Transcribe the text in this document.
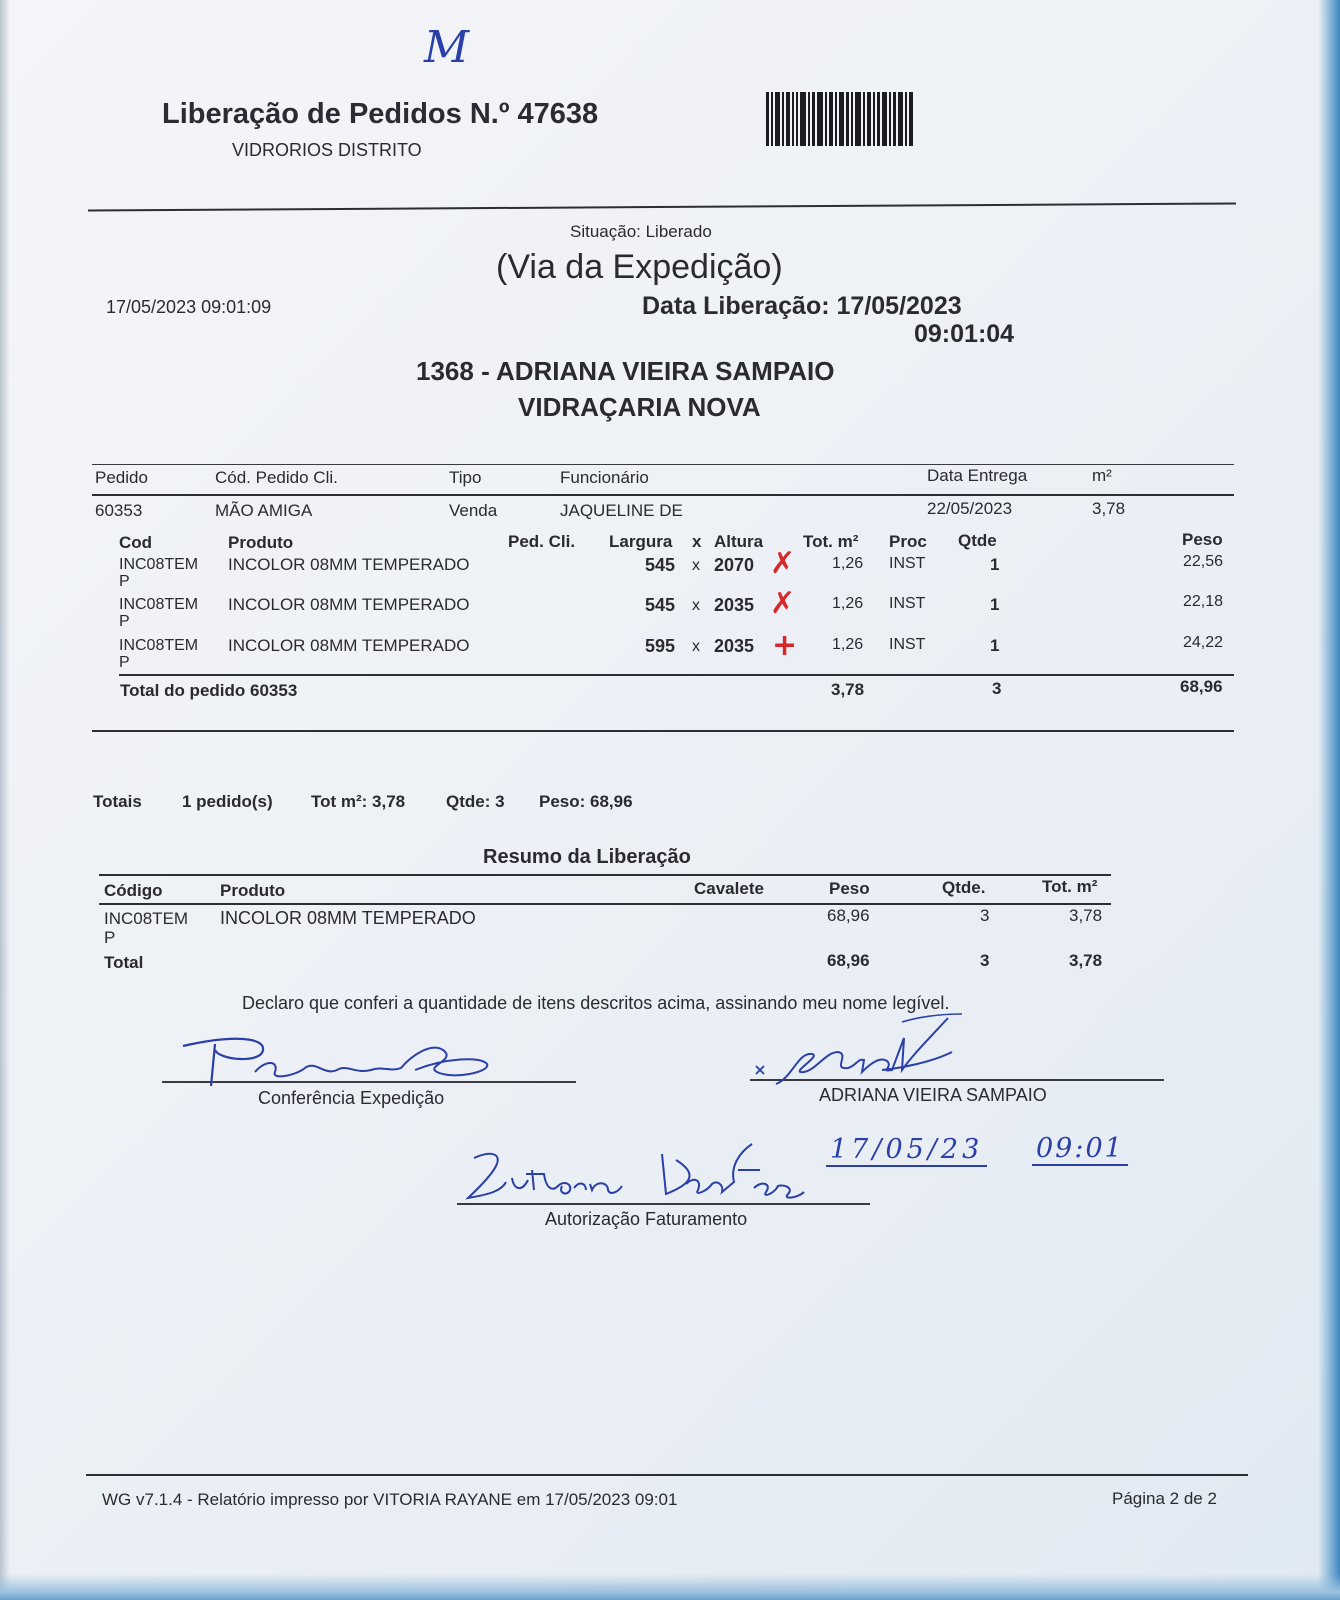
M
Liberação de Pedidos N.º 47638
VIDRORIOS DISTRITO
Situação: Liberado
(Via da Expedição)
17/05/2023 09:01:09	Data Liberação: 17/05/2023
09:01:04
1368 - ADRIANA VIEIRA SAMPAIO
VIDRAÇARIA NOVA
Pedido	Cód. Pedido Cli.	Tipo	Funcionário	Data Entrega	m²
60353	MÃO AMIGA	Venda	JAQUELINE DE	22/05/2023	3,78
Cod	Produto	Ped. Cli. Largura x Altura Tot. m² Proc Qtde	Peso
INC08TEM
P
INCOLOR 08MM TEMPERADO	545 x 2070 ✗ 1,26 INST	1	22,56
INC08TEM
P
INCOLOR 08MM TEMPERADO	545 x 2035 ✗ 1,26 INST	1	22,18
INC08TEM
P
INCOLOR 08MM TEMPERADO	595 x 2035 + 1,26 INST	1	24,22
Total do pedido 60353	3,78	3	68,96
Totais 1 pedido(s) Tot m²: 3,78 Qtde: 3 Peso: 68,96
Resumo da Liberação
Código	Produto	Cavalete	Peso	Qtde.	Tot. m²
INC08TEM
P
INCOLOR 08MM TEMPERADO	68,96	3	3,78
Total	68,96	3	3,78
Declaro que conferi a quantidade de itens descritos acima, assinando meu nome legível.
Conferência Expedição	ADRIANA VIEIRA SAMPAIO
Autorização Faturamento
17/05/23 09:01
WG v7.1.4 - Relatório impresso por VITORIA RAYANE em 17/05/2023 09:01	Página 2 de 2
